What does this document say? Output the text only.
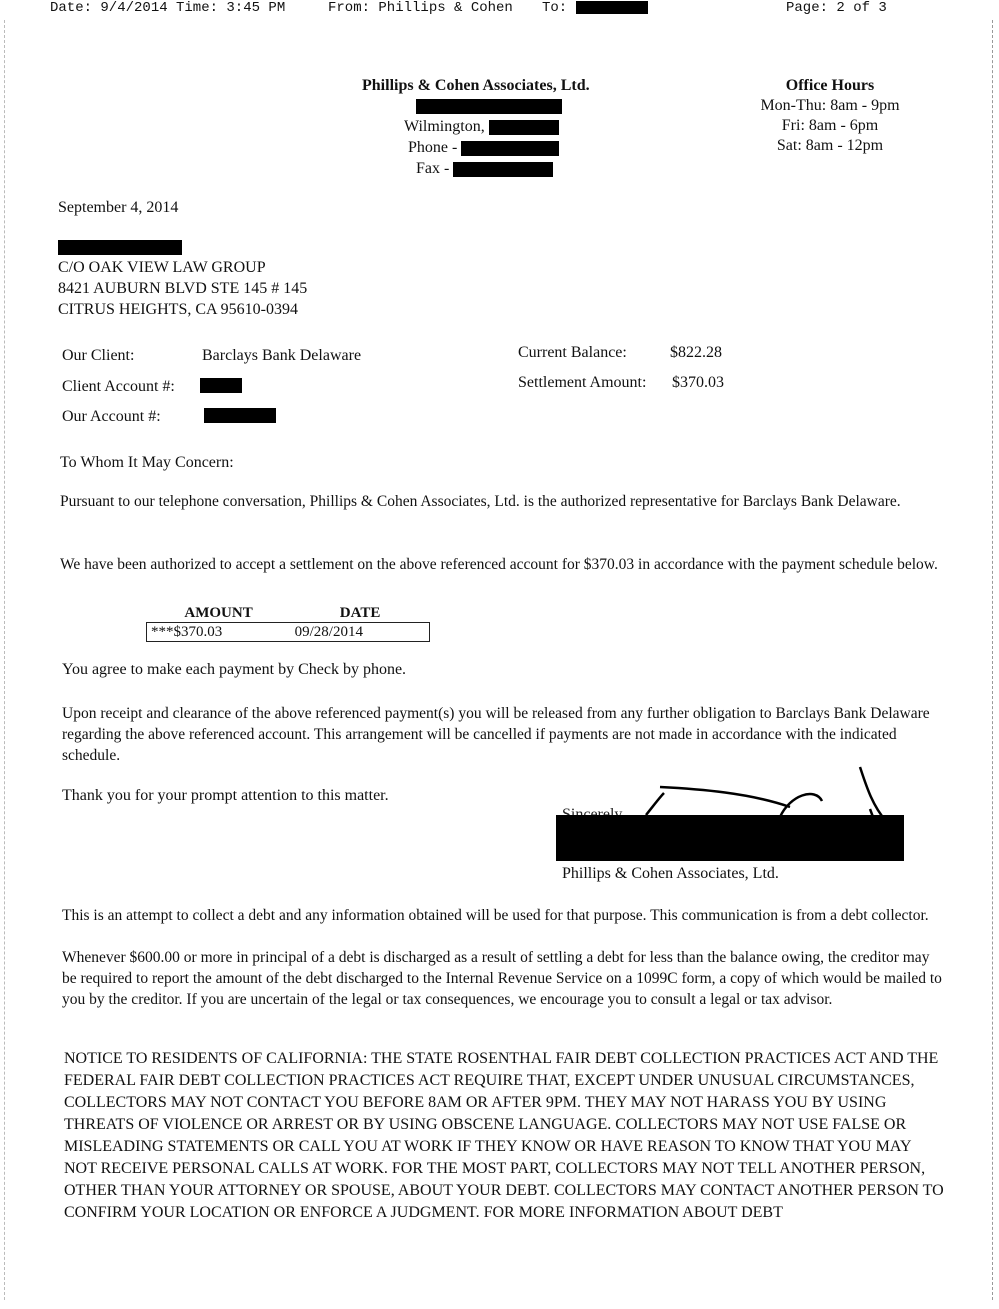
Date: 9/4/2014 Time: 3:45 PM	From: Phillips & Cohen To:	Page: 2 of 3
Phillips & Cohen Associates, Ltd.
Wilmington,
Phone -
Fax -
Office Hours
Mon-Thu: 8am - 9pm
Fri: 8am - 6pm
Sat: 8am - 12pm
September 4, 2014
C/O OAK VIEW LAW GROUP
8421 AUBURN BLVD STE 145 # 145
CITRUS HEIGHTS, CA 95610-0394
Our Client:	Barclays Bank Delaware
Client Account #:
Our Account #:
Current Balance:	$822.28
Settlement Amount: $370.03
To Whom It May Concern:
Pursuant to our telephone conversation, Phillips & Cohen Associates, Ltd. is the authorized representative for Barclays Bank Delaware.
We have been authorized to accept a settlement on the above referenced account for $370.03 in accordance with the payment schedule below.
AMOUNT	DATE
***$370.03	09/28/2014
You agree to make each payment by Check by phone.
Upon receipt and clearance of the above referenced payment(s) you will be released from any further obligation to Barclays Bank Delaware regarding the above referenced account. This arrangement will be cancelled if payments are not made in accordance with the indicated schedule.
Thank you for your prompt attention to this matter.
Phillips & Cohen Associates, Ltd.
This is an attempt to collect a debt and any information obtained will be used for that purpose. This communication is from a debt collector.
Whenever $600.00 or more in principal of a debt is discharged as a result of settling a debt for less than the balance owing, the creditor may be required to report the amount of the debt discharged to the Internal Revenue Service on a 1099C form, a copy of which would be mailed to you by the creditor. If you are uncertain of the legal or tax consequences, we encourage you to consult a legal or tax advisor.
NOTICE TO RESIDENTS OF CALIFORNIA: THE STATE ROSENTHAL FAIR DEBT COLLECTION PRACTICES ACT AND THE FEDERAL FAIR DEBT COLLECTION PRACTICES ACT REQUIRE THAT, EXCEPT UNDER UNUSUAL CIRCUMSTANCES, COLLECTORS MAY NOT CONTACT YOU BEFORE 8AM OR AFTER 9PM. THEY MAY NOT HARASS YOU BY USING THREATS OF VIOLENCE OR ARREST OR BY USING OBSCENE LANGUAGE. COLLECTORS MAY NOT USE FALSE OR MISLEADING STATEMENTS OR CALL YOU AT WORK IF THEY KNOW OR HAVE REASON TO KNOW THAT YOU MAY NOT RECEIVE PERSONAL CALLS AT WORK. FOR THE MOST PART, COLLECTORS MAY NOT TELL ANOTHER PERSON, OTHER THAN YOUR ATTORNEY OR SPOUSE, ABOUT YOUR DEBT. COLLECTORS MAY CONTACT ANOTHER PERSON TO CONFIRM YOUR LOCATION OR ENFORCE A JUDGMENT. FOR MORE INFORMATION ABOUT DEBT
